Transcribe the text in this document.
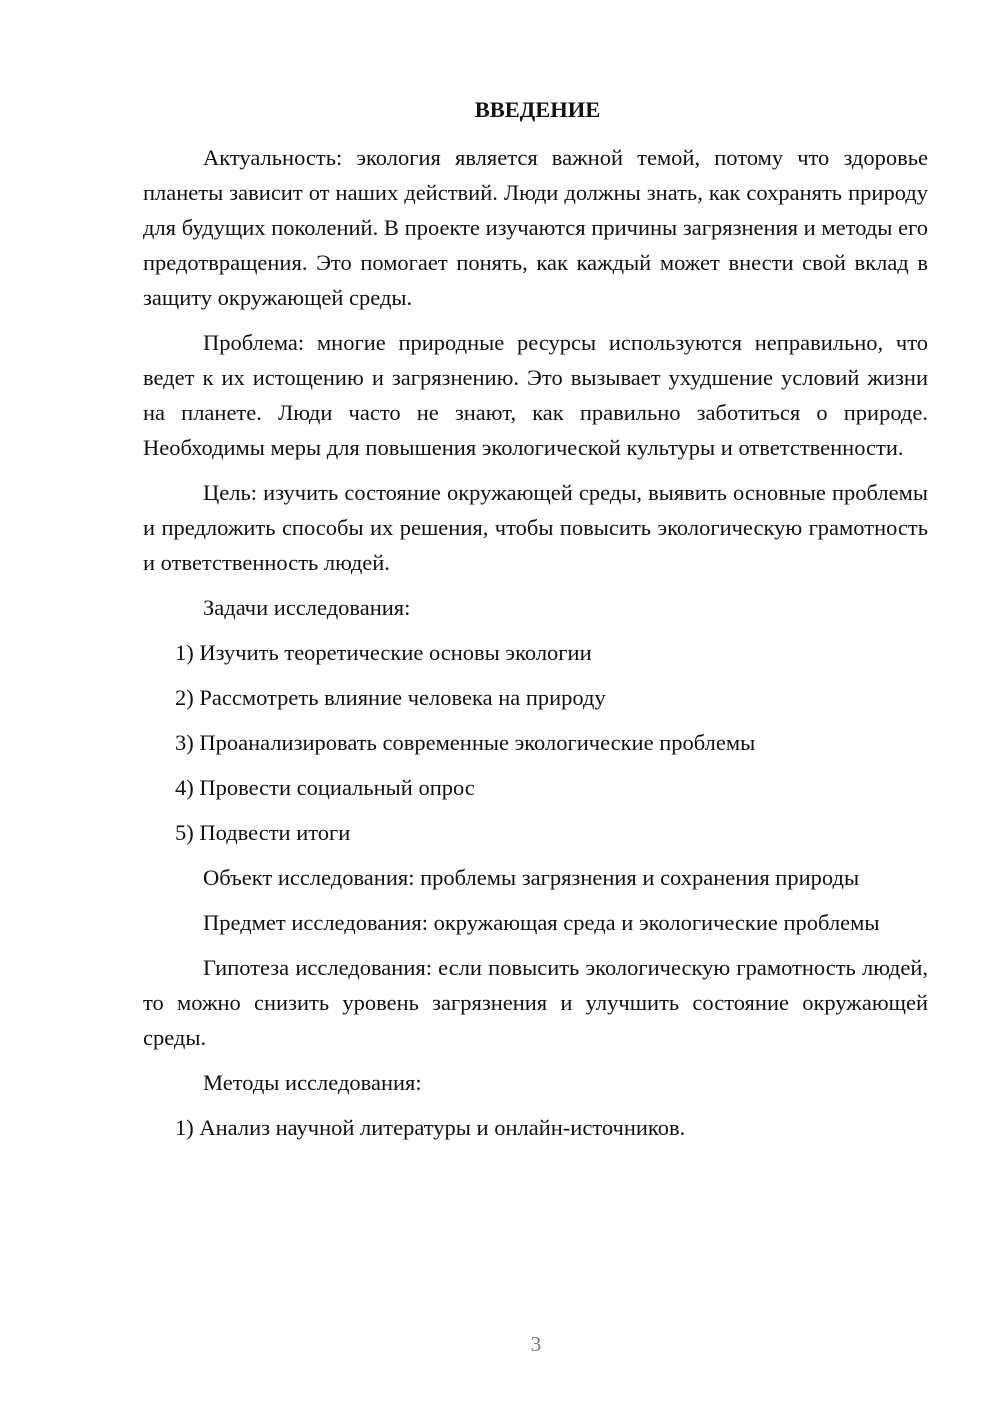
ВВЕДЕНИЕ

Актуальность: экология является важной темой, потому что здоровье планеты зависит от наших действий. Люди должны знать, как сохранять природу для будущих поколений. В проекте изучаются причины загрязнения и методы его предотвращения. Это помогает понять, как каждый может внести свой вклад в защиту окружающей среды.

Проблема: многие природные ресурсы используются неправильно, что ведет к их истощению и загрязнению. Это вызывает ухудшение условий жизни на планете. Люди часто не знают, как правильно заботиться о природе. Необходимы меры для повышения экологической культуры и ответственности.

Цель: изучить состояние окружающей среды, выявить основные проблемы и предложить способы их решения, чтобы повысить экологическую грамотность и ответственность людей.

Задачи исследования:

1) Изучить теоретические основы экологии

2) Рассмотреть влияние человека на природу

3) Проанализировать современные экологические проблемы

4) Провести социальный опрос

5) Подвести итоги

Объект исследования: проблемы загрязнения и сохранения природы

Предмет исследования: окружающая среда и экологические проблемы

Гипотеза исследования: если повысить экологическую грамотность людей, то можно снизить уровень загрязнения и улучшить состояние окружающей среды.

Методы исследования:

1) Анализ научной литературы и онлайн-источников.

3
